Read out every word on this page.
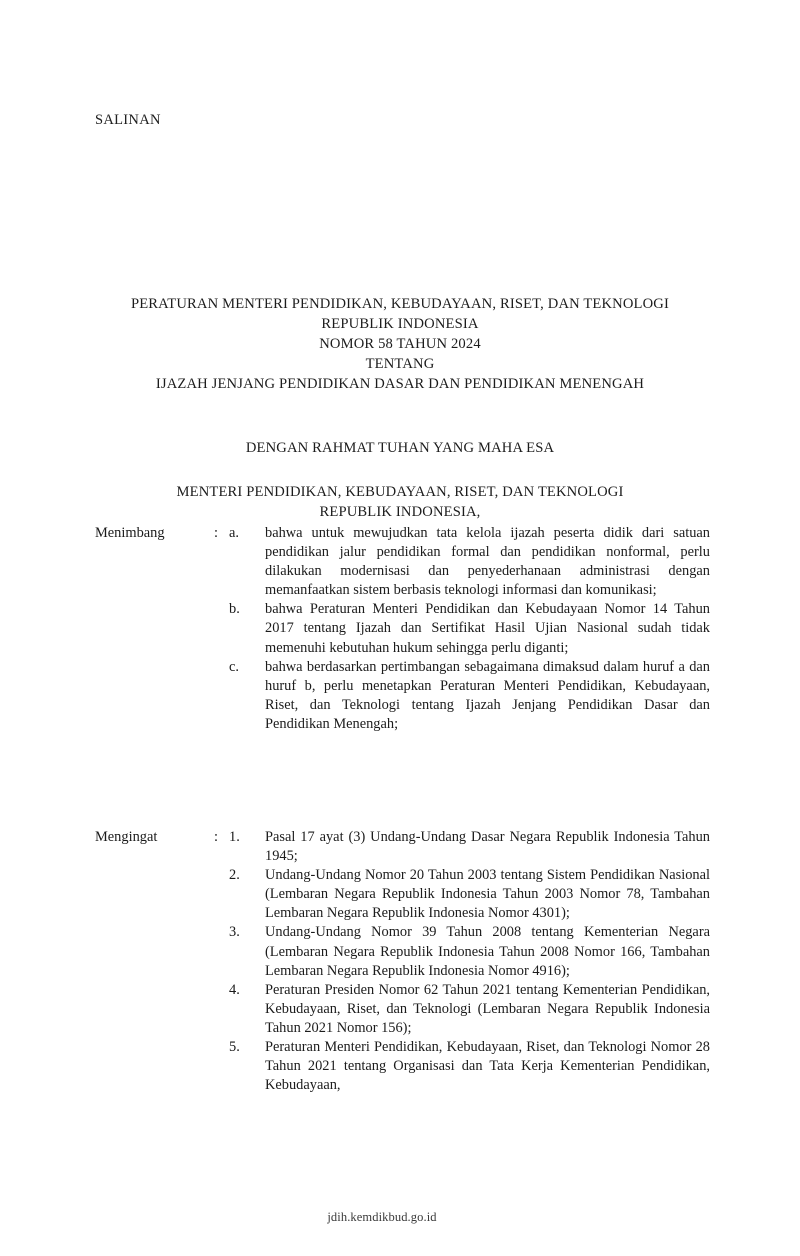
SALINAN
PERATURAN MENTERI PENDIDIKAN, KEBUDAYAAN, RISET, DAN TEKNOLOGI
REPUBLIK INDONESIA
NOMOR 58 TAHUN 2024
TENTANG
IJAZAH JENJANG PENDIDIKAN DASAR DAN PENDIDIKAN MENENGAH
DENGAN RAHMAT TUHAN YANG MAHA ESA
MENTERI PENDIDIKAN, KEBUDAYAAN, RISET, DAN TEKNOLOGI
REPUBLIK INDONESIA,
Menimbang	: a.	bahwa untuk mewujudkan tata kelola ijazah peserta didik dari satuan pendidikan jalur pendidikan formal dan pendidikan nonformal, perlu dilakukan modernisasi dan penyederhanaan administrasi dengan memanfaatkan sistem berbasis teknologi informasi dan komunikasi;
b.	bahwa Peraturan Menteri Pendidikan dan Kebudayaan Nomor 14 Tahun 2017 tentang Ijazah dan Sertifikat Hasil Ujian Nasional sudah tidak memenuhi kebutuhan hukum sehingga perlu diganti;
c.	bahwa berdasarkan pertimbangan sebagaimana dimaksud dalam huruf a dan huruf b, perlu menetapkan Peraturan Menteri Pendidikan, Kebudayaan, Riset, dan Teknologi tentang Ijazah Jenjang Pendidikan Dasar dan Pendidikan Menengah;
Mengingat	: 1.	Pasal 17 ayat (3) Undang-Undang Dasar Negara Republik Indonesia Tahun 1945;
2.	Undang-Undang Nomor 20 Tahun 2003 tentang Sistem Pendidikan Nasional (Lembaran Negara Republik Indonesia Tahun 2003 Nomor 78, Tambahan Lembaran Negara Republik Indonesia Nomor 4301);
3.	Undang-Undang Nomor 39 Tahun 2008 tentang Kementerian Negara (Lembaran Negara Republik Indonesia Tahun 2008 Nomor 166, Tambahan Lembaran Negara Republik Indonesia Nomor 4916);
4.	Peraturan Presiden Nomor 62 Tahun 2021 tentang Kementerian Pendidikan, Kebudayaan, Riset, dan Teknologi (Lembaran Negara Republik Indonesia Tahun 2021 Nomor 156);
5.	Peraturan Menteri Pendidikan, Kebudayaan, Riset, dan Teknologi Nomor 28 Tahun 2021 tentang Organisasi dan Tata Kerja Kementerian Pendidikan, Kebudayaan,
jdih.kemdikbud.go.id
